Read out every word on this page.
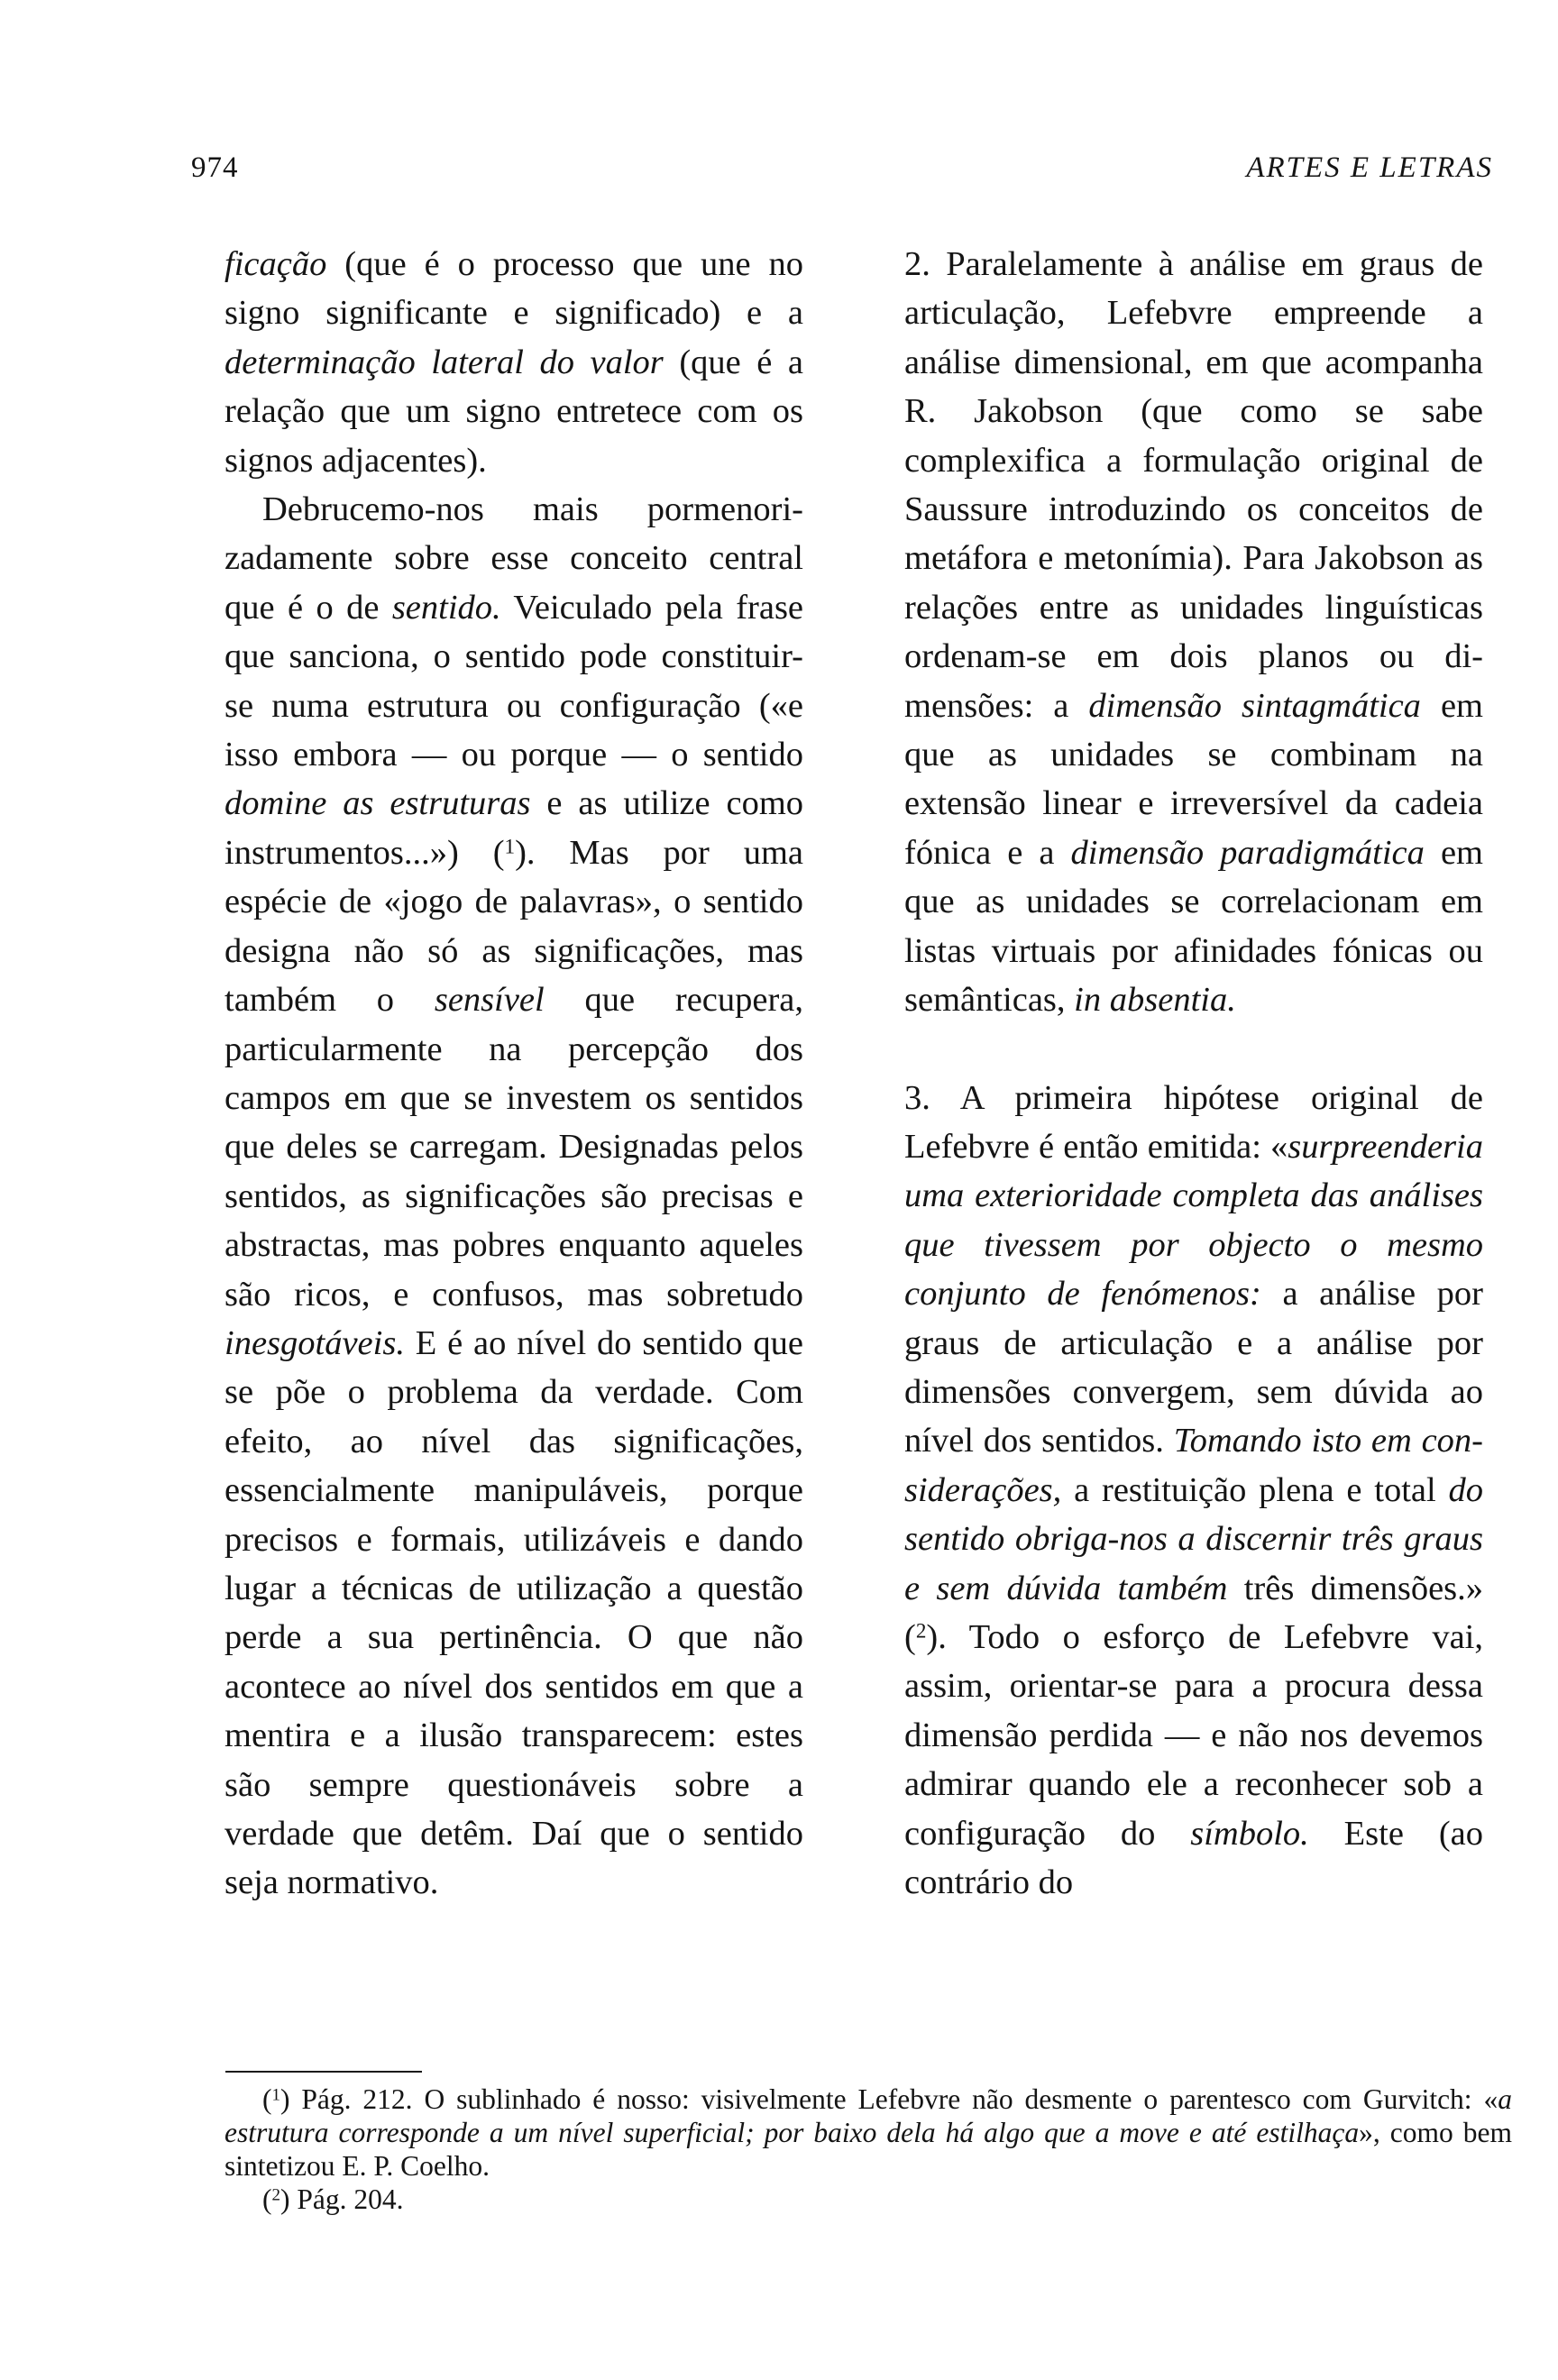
974	ARTES E LETRAS

ficação (que é o processo que une no signo significante e significado) e a determinação lateral do valor (que é a relação que um signo entretece com os signos adjacentes).

Debrucemo-nos mais pormenorizadamente sobre esse conceito central que é o de sentido. Veiculado pela frase que sanciona, o sentido pode constituir-se numa estrutura ou configuração («e isso embora — ou porque — o sentido domine as estruturas e as utilize como instrumentos...») ($^1$). Mas por uma espécie de «jogo de palavras», o sentido designa não só as significações, mas também o sensível que recupera, particularmente na percepção dos campos em que se investem os sentidos que deles se carregam. Designadas pelos sentidos, as significações são precisas e abstractas, mas pobres enquanto aqueles são ricos, e confusos, mas sobretudo inesgotáveis. E é ao nível do sentido que se põe o problema da verdade. Com efeito, ao nível das significações, essencialmente manipuláveis, porque precisos e formais, utilizáveis e dando lugar a técnicas de utilização a questão perde a sua pertinência. O que não acontece ao nível dos sentidos em que a mentira e a ilusão transparecem: estes são sempre questionáveis sobre a verdade que detêm. Daí que o sentido seja normativo.

2. Paralelamente à análise em graus de articulação, Lefebvre empreende a análise dimensional, em que acompanha R. Jakobson (que como se sabe complexifica a formulação original de Saussure introduzindo os conceitos de metáfora e metonímia). Para Jakobson as relações entre as unidades linguísticas ordenam-se em dois planos ou dimensões: a dimensão sintagmática em que as unidades se combinam na extensão linear e irreversível da cadeia fónica e a dimensão paradigmática em que as unidades se correlacionam em listas virtuais por afinidades fónicas ou semânticas, in absentia.

3. A primeira hipótese original de Lefebvre é então emitida: «surpreenderia uma exterioridade completa das análises que tivessem por objecto o mesmo conjunto de fenómenos: a análise por graus de articulação e a análise por dimensões convergem, sem dúvida ao nível dos sentidos. Tomando isto em considerações, a restituição plena e total do sentido obriga-nos a discernir três graus e sem dúvida também três dimensões.» ($^2$). Todo o esforço de Lefebvre vai, assim, orientar-se para a procura dessa dimensão perdida — e não nos devemos admirar quando ele a reconhecer sob a configuração do símbolo. Este (ao contrário do

($^1$) Pág. 212. O sublinhado é nosso: visivelmente Lefebvre não desmente o parentesco com Gurvitch: «a estrutura corresponde a um nível superficial; por baixo dela há algo que a move e até estilhaça», como bem sintetizou E. P. Coelho.

($^2$) Pág. 204.
